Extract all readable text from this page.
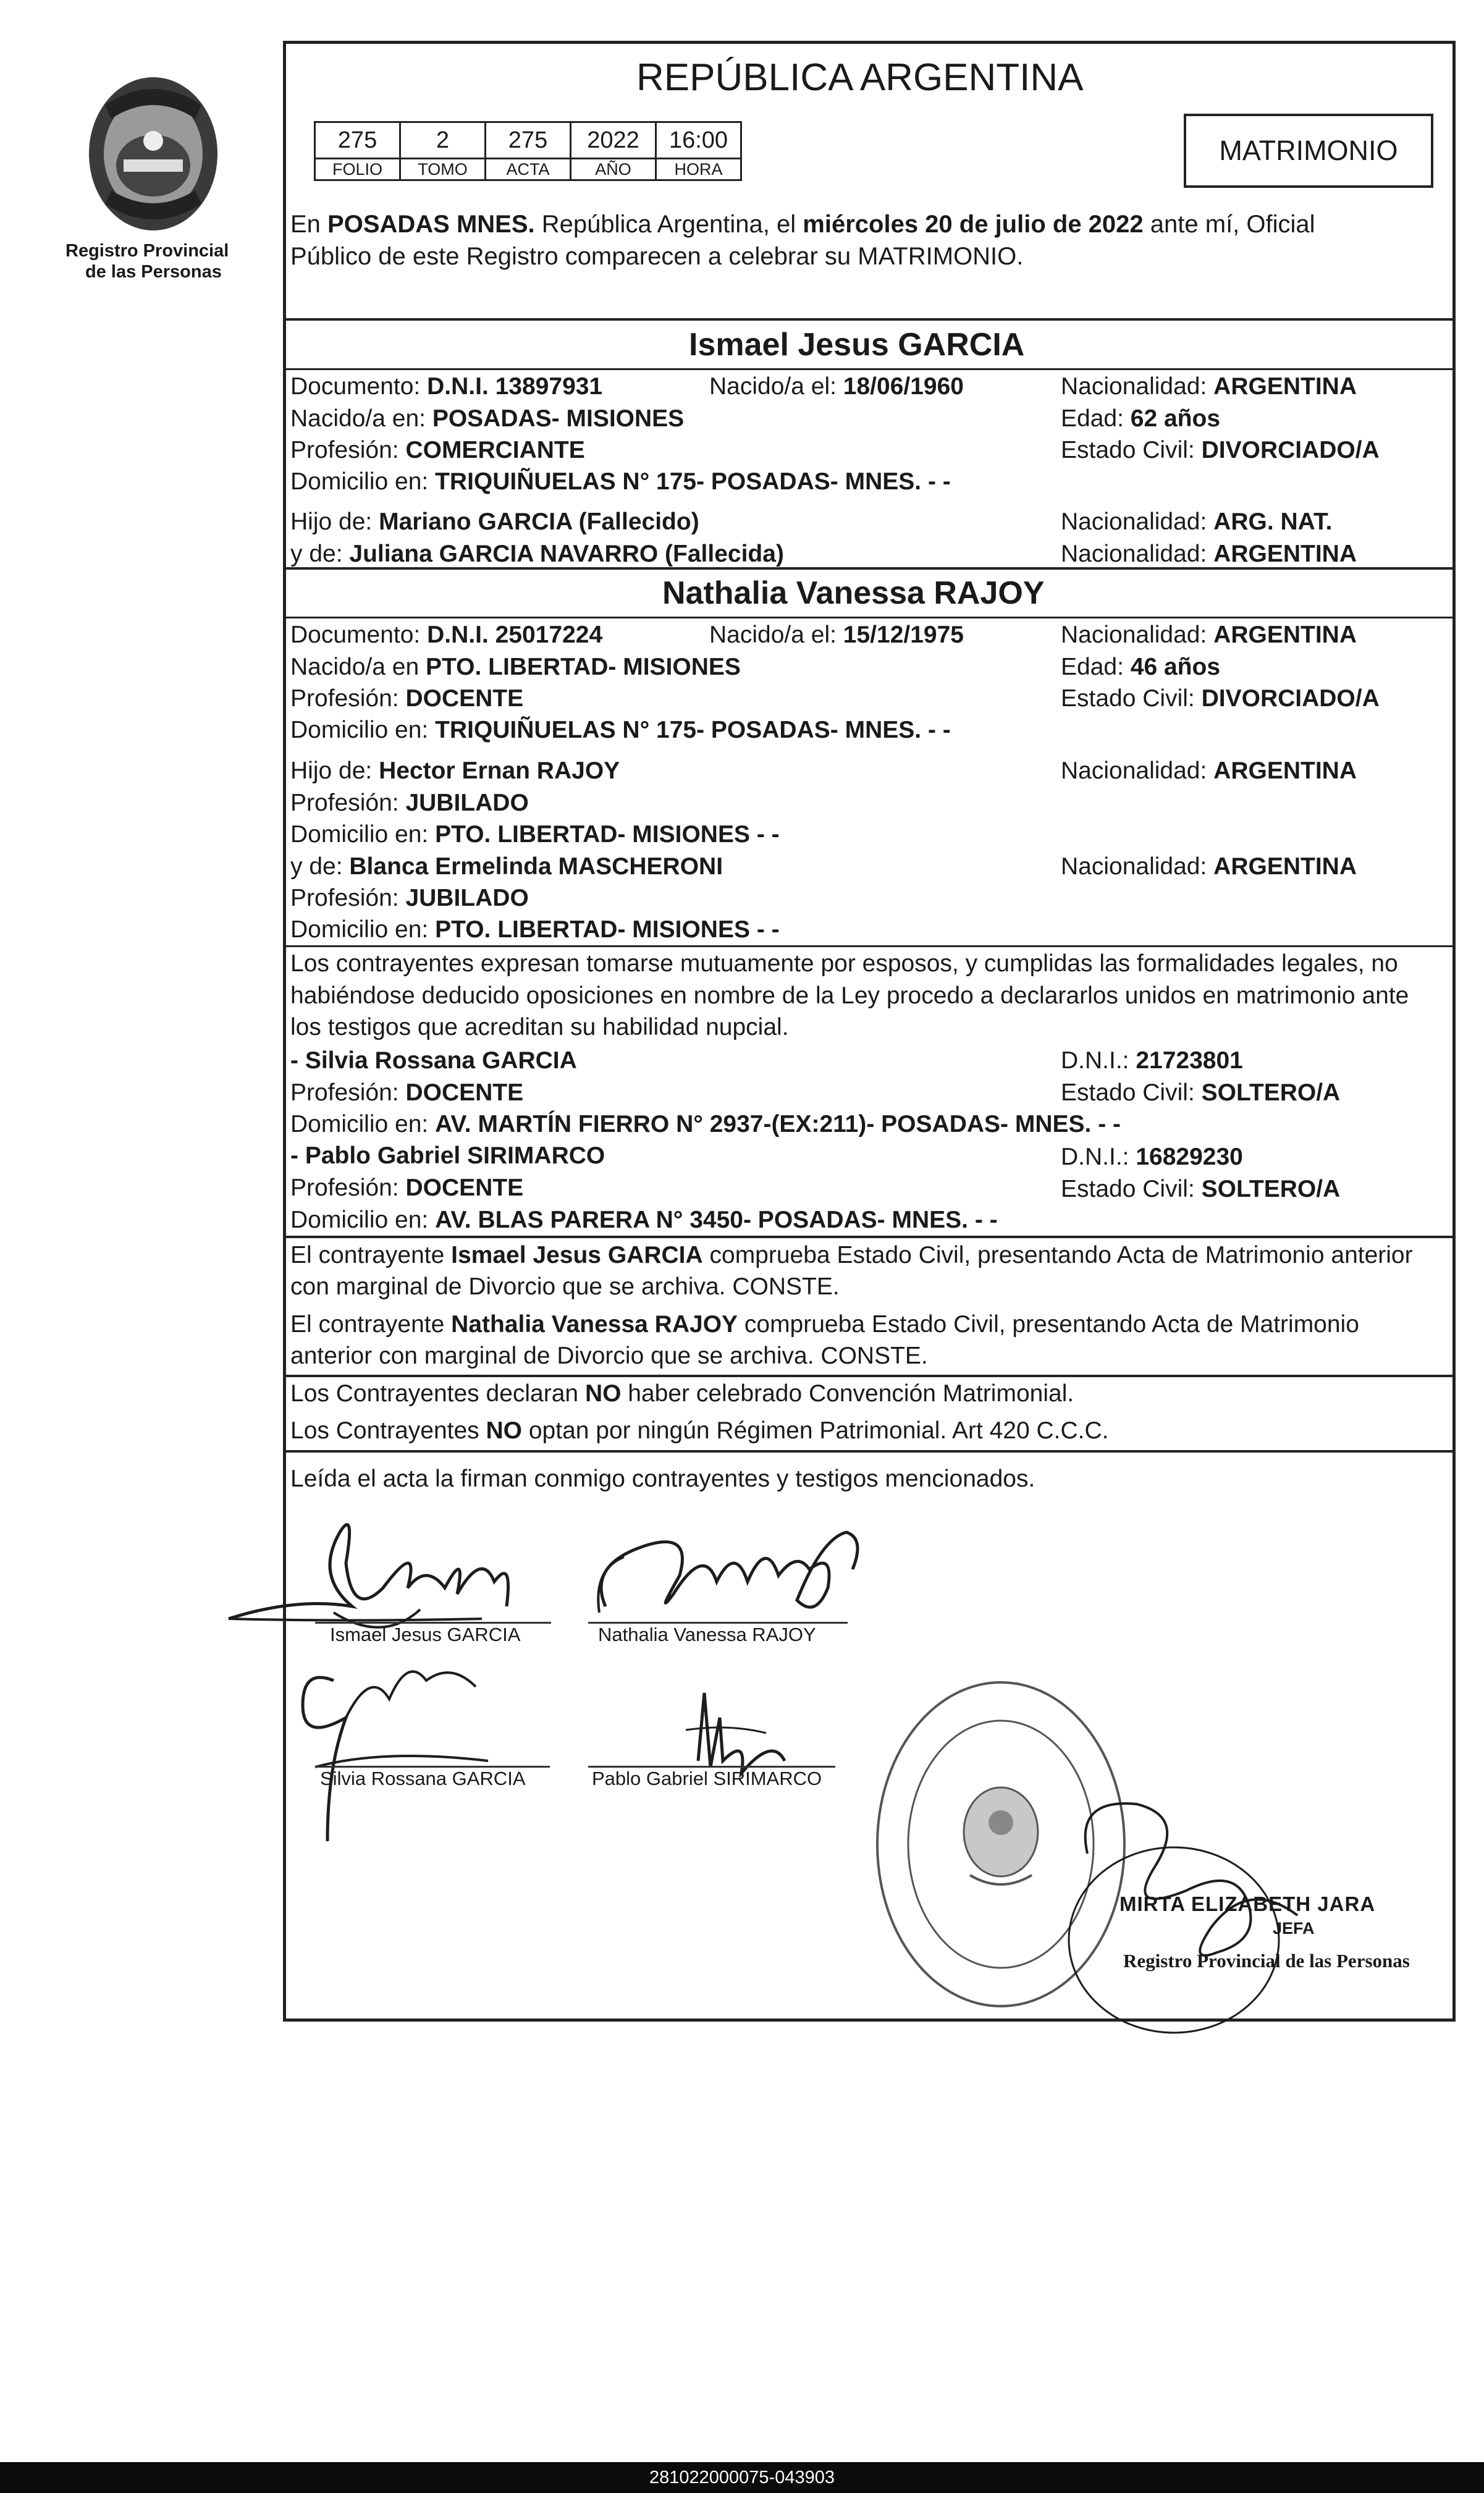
Registro Provincial
de las Personas
REPÚBLICA ARGENTINA
275	2	275	2022	16:00
FOLIO	TOMO	ACTA	AÑO	HORA
MATRIMONIO
En POSADAS MNES. República Argentina, el miércoles 20 de julio de 2022 ante mí, Oficial
Público de este Registro comparecen a celebrar su MATRIMONIO.
Ismael Jesus GARCIA
Documento: D.N.I. 13897931	Nacido/a el: 18/06/1960	Nacionalidad: ARGENTINA
Nacido/a en: POSADAS- MISIONES	Edad: 62 años
Profesión: COMERCIANTE	Estado Civil: DIVORCIADO/A
Domicilio en: TRIQUIÑUELAS N° 175- POSADAS- MNES. - -
Hijo de: Mariano GARCIA (Fallecido)	Nacionalidad: ARG. NAT.
y de: Juliana GARCIA NAVARRO (Fallecida)	Nacionalidad: ARGENTINA
Nathalia Vanessa RAJOY
Documento: D.N.I. 25017224	Nacido/a el: 15/12/1975	Nacionalidad: ARGENTINA
Nacido/a en PTO. LIBERTAD- MISIONES	Edad: 46 años
Profesión: DOCENTE	Estado Civil: DIVORCIADO/A
Domicilio en: TRIQUIÑUELAS N° 175- POSADAS- MNES. - -
Hijo de: Hector Ernan RAJOY	Nacionalidad: ARGENTINA
Profesión: JUBILADO
Domicilio en: PTO. LIBERTAD- MISIONES - -
y de: Blanca Ermelinda MASCHERONI	Nacionalidad: ARGENTINA
Profesión: JUBILADO
Domicilio en: PTO. LIBERTAD- MISIONES - -
Los contrayentes expresan tomarse mutuamente por esposos, y cumplidas las formalidades legales, no
habiéndose deducido oposiciones en nombre de la Ley procedo a declararlos unidos en matrimonio ante
los testigos que acreditan su habilidad nupcial.
- Silvia Rossana GARCIA	D.N.I.: 21723801
Profesión: DOCENTE	Estado Civil: SOLTERO/A
Domicilio en: AV. MARTÍN FIERRO N° 2937-(EX:211)- POSADAS- MNES. - -
- Pablo Gabriel SIRIMARCO	D.N.I.: 16829230
Profesión: DOCENTE	Estado Civil: SOLTERO/A
Domicilio en: AV. BLAS PARERA N° 3450- POSADAS- MNES. - -
El contrayente Ismael Jesus GARCIA comprueba Estado Civil, presentando Acta de Matrimonio anterior
con marginal de Divorcio que se archiva. CONSTE.
El contrayente Nathalia Vanessa RAJOY comprueba Estado Civil, presentando Acta de Matrimonio
anterior con marginal de Divorcio que se archiva. CONSTE.
Los Contrayentes declaran NO haber celebrado Convención Matrimonial.
Los Contrayentes NO optan por ningún Régimen Patrimonial. Art 420 C.C.C.
Leída el acta la firman conmigo contrayentes y testigos mencionados.
Ismael Jesus GARCIA	Nathalia Vanessa RAJOY
Silvia Rossana GARCIA	Pablo Gabriel SIRIMARCO
MIRTA ELIZABETH JARA
JEFA
Registro Provincial de las Personas
281022000075-043903
